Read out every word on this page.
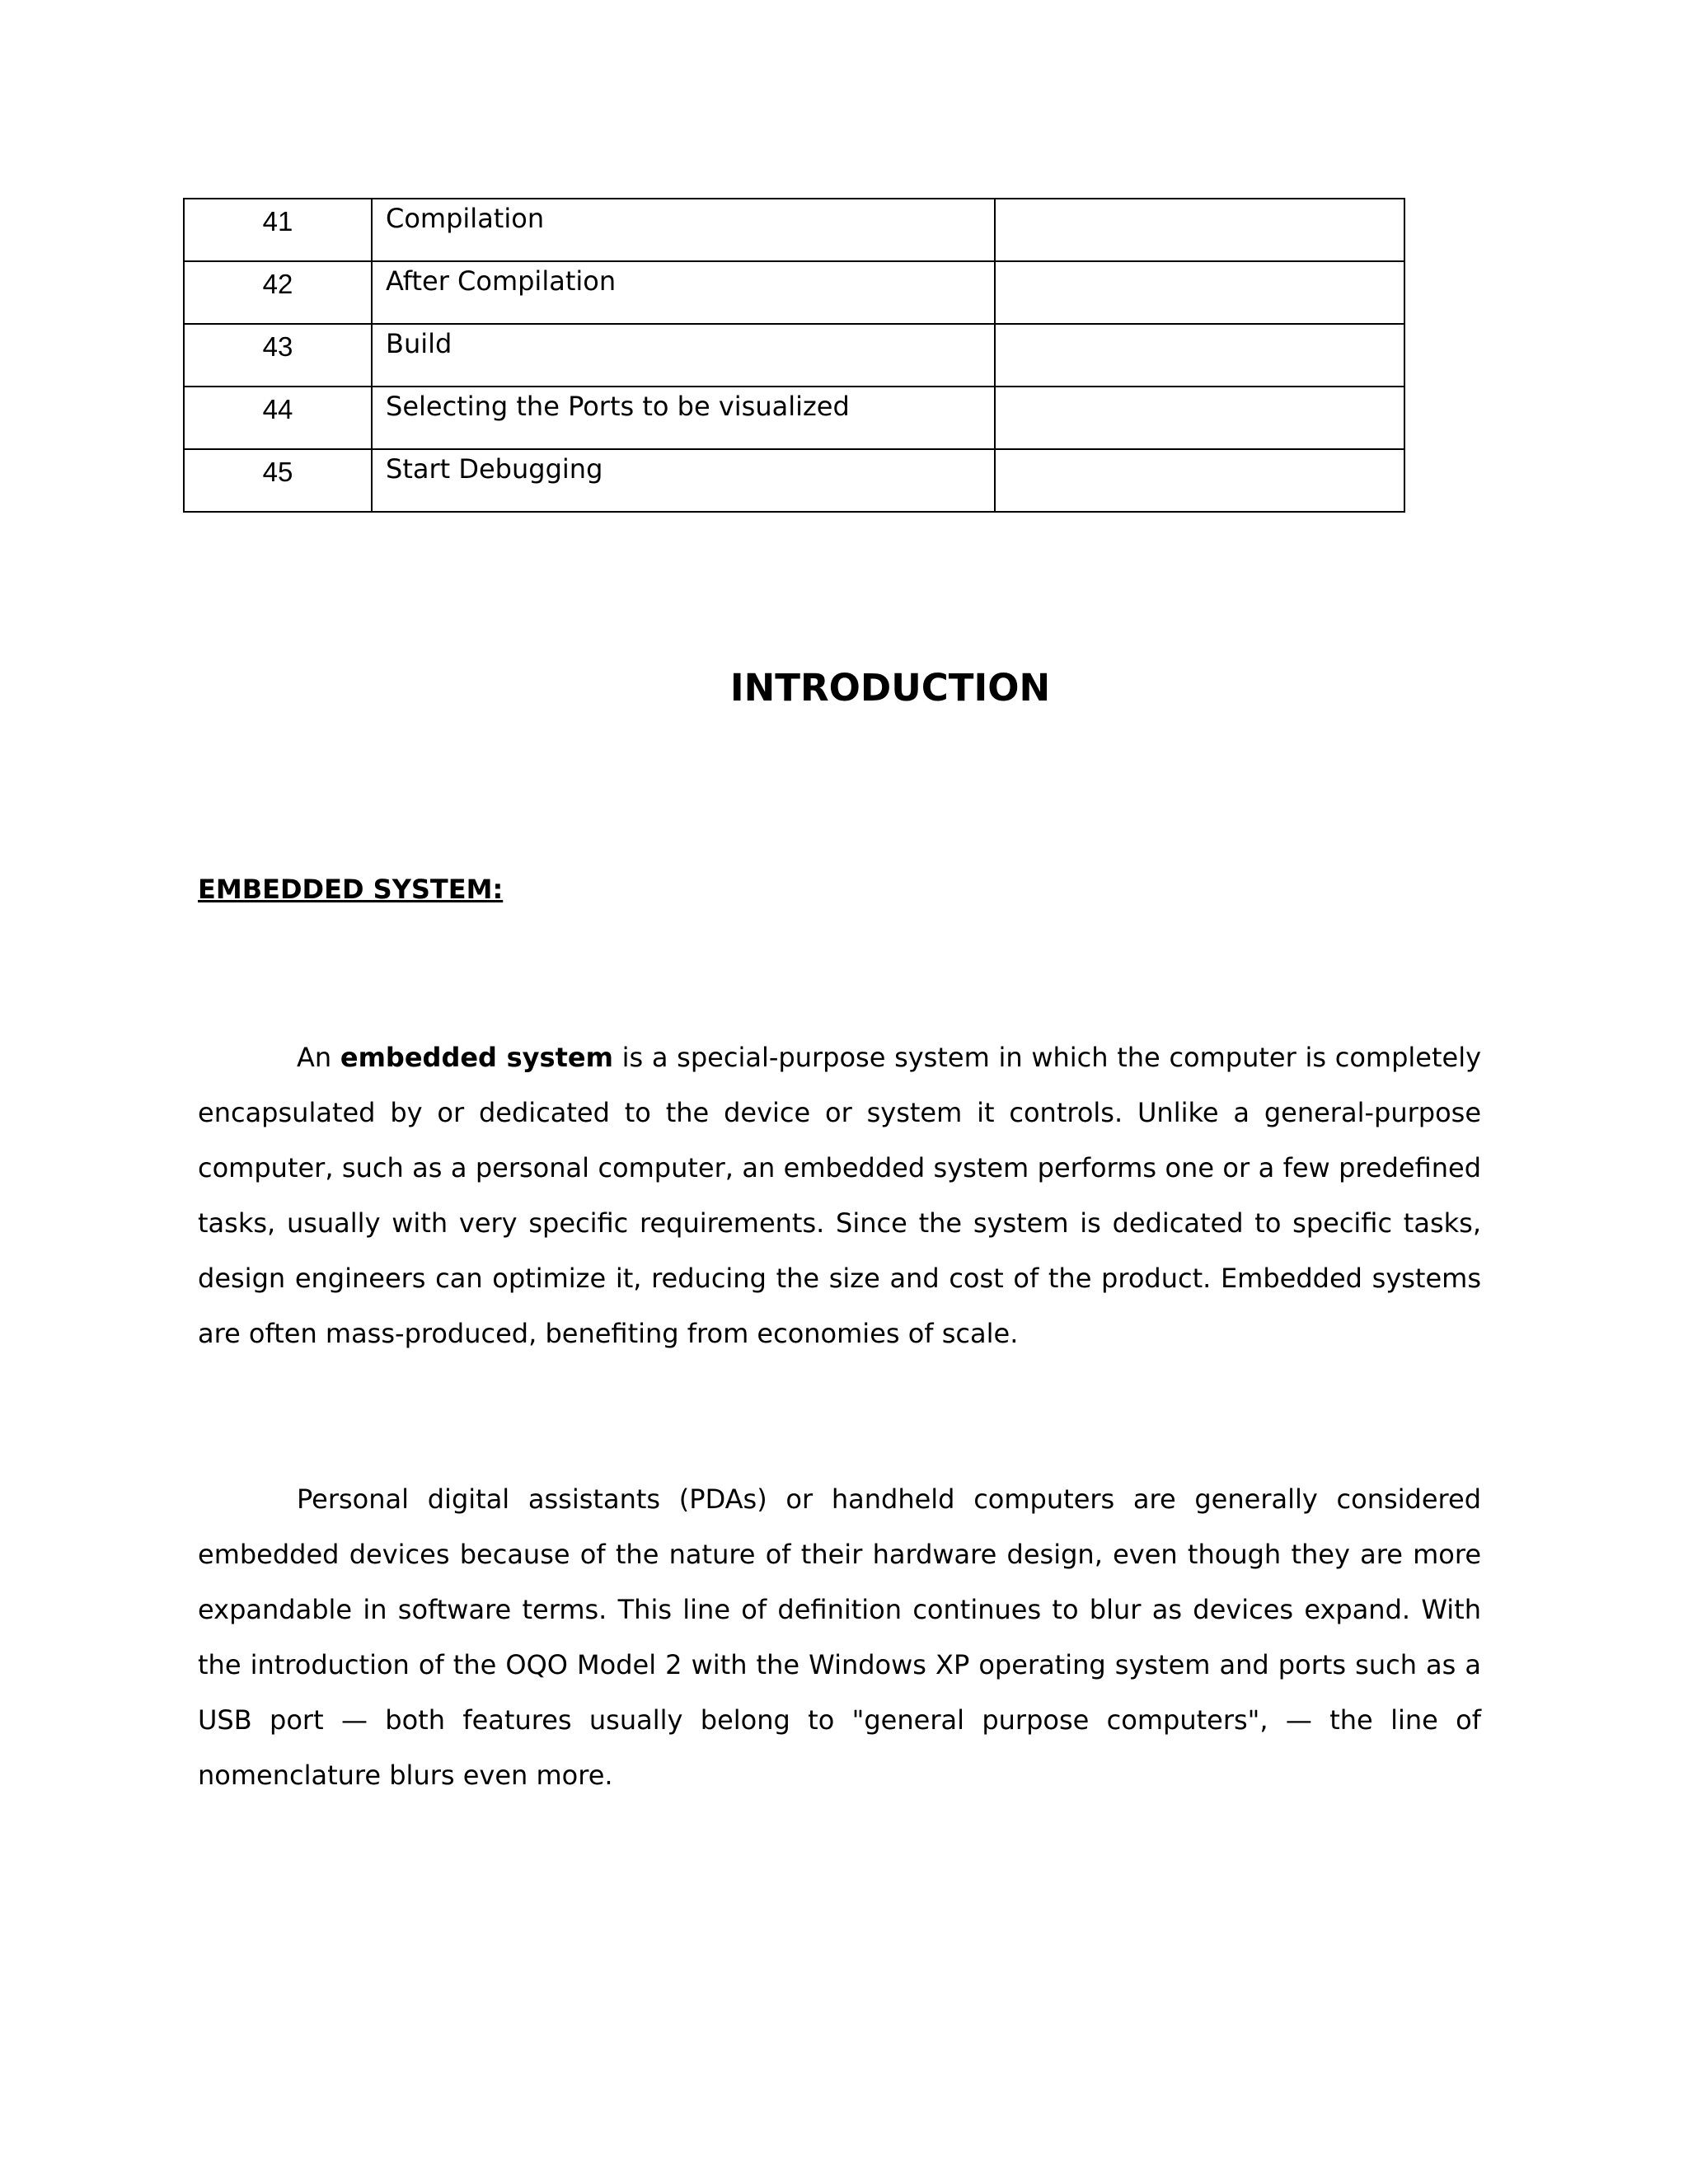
41	Compilation	
42	After Compilation	
43	Build	
44	Selecting the Ports to be visualized	
45	Start Debugging	
INTRODUCTION
EMBEDDED SYSTEM:

An embedded system is a special-purpose system in which the computer is completely encapsulated by or dedicated to the device or system it controls. Unlike a general-purpose computer, such as a personal computer, an embedded system performs one or a few predefined tasks, usually with very specific requirements. Since the system is dedicated to specific tasks, design engineers can optimize it, reducing the size and cost of the product. Embedded systems are often mass-produced, benefiting from economies of scale.

Personal digital assistants (PDAs) or handheld computers are generally considered embedded devices because of the nature of their hardware design, even though they are more expandable in software terms. This line of definition continues to blur as devices expand. With the introduction of the OQO Model 2 with the Windows XP operating system and ports such as a USB port — both features usually belong to "general purpose computers", — the line of nomenclature blurs even more.
